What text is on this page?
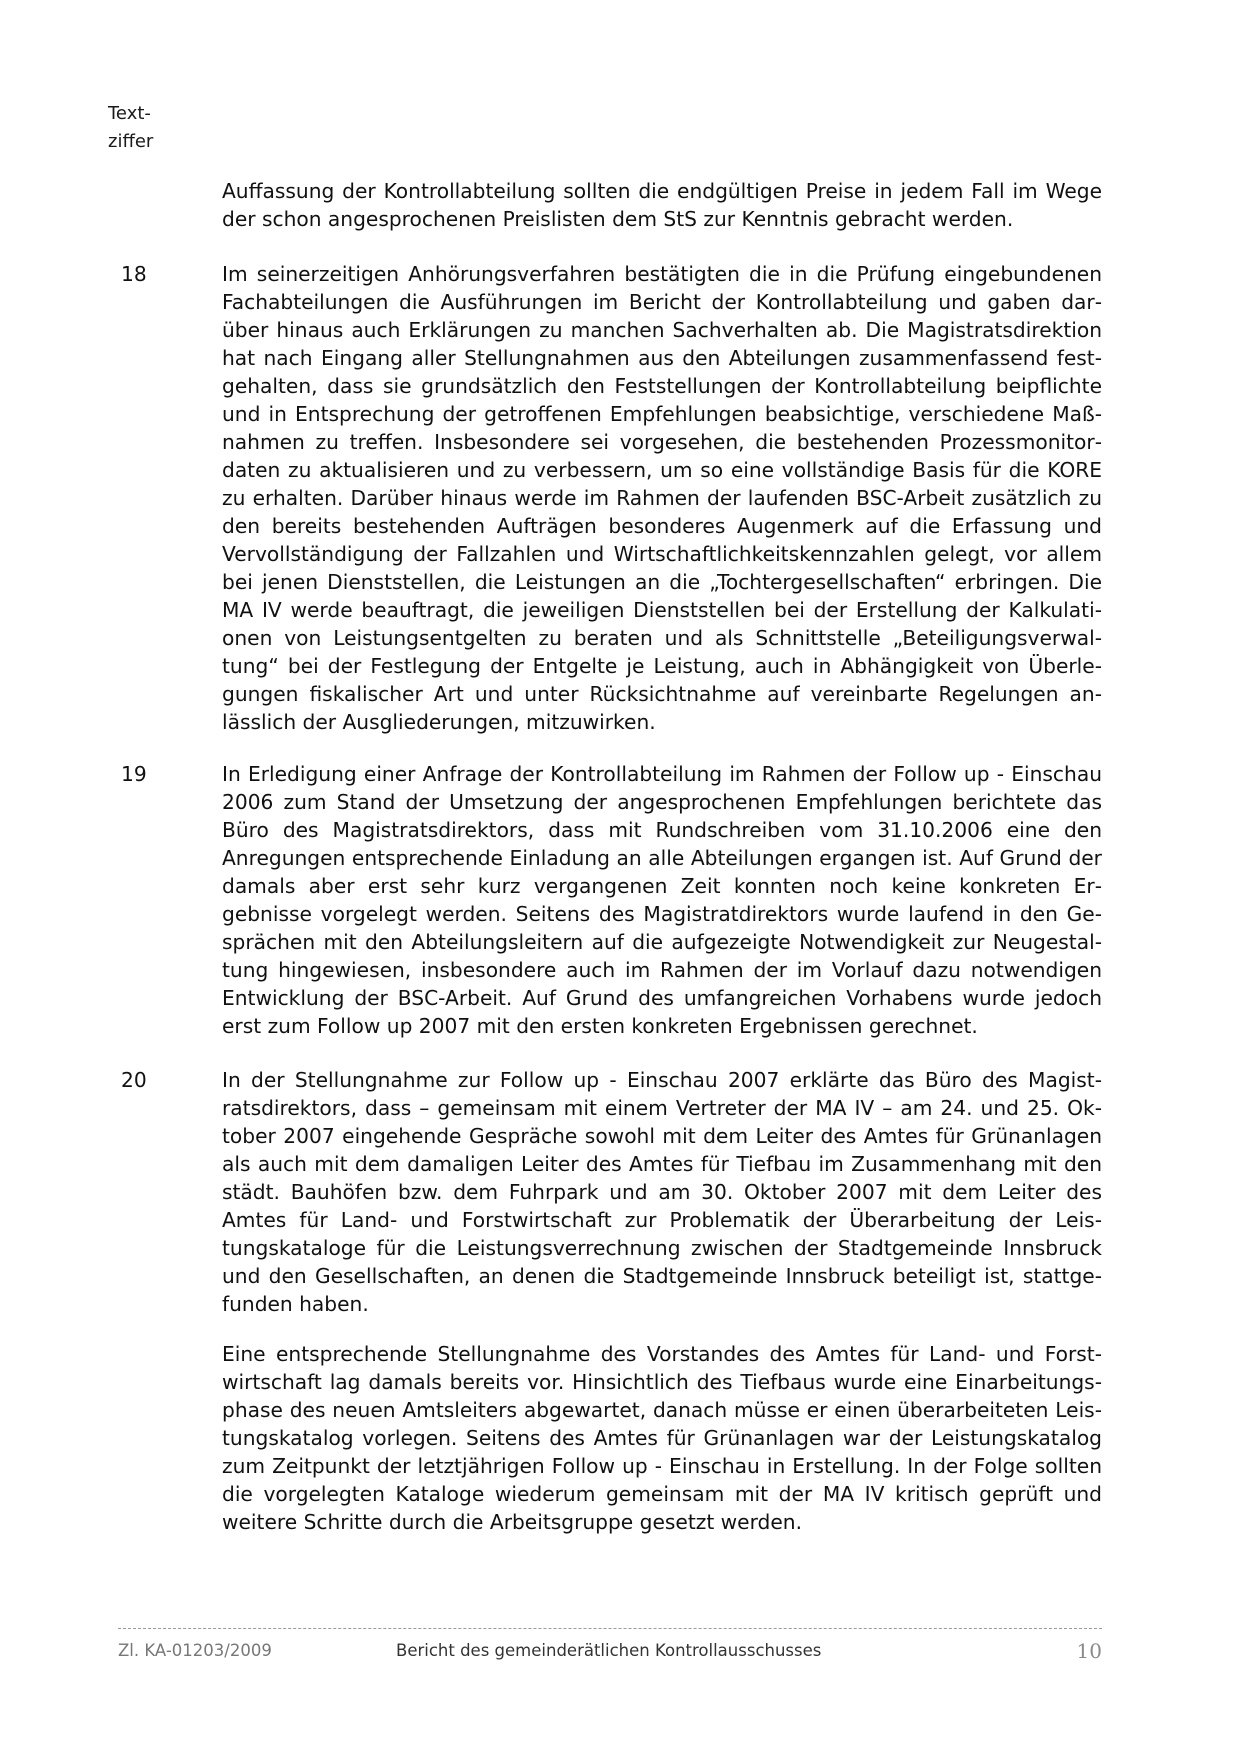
Text-
ziffer

Auffassung der Kontrollabteilung sollten die endgültigen Preise in jedem Fall im Wege der schon angesprochenen Preislisten dem StS zur Kenntnis gebracht werden.

18	Im seinerzeitigen Anhörungsverfahren bestätigten die in die Prüfung eingebundenen Fachabteilungen die Ausführungen im Bericht der Kontrollabteilung und gaben darüber hinaus auch Erklärungen zu manchen Sachverhalten ab. Die Magistratsdirektion hat nach Eingang aller Stellungnahmen aus den Abteilungen zusammenfassend festgehalten, dass sie grundsätzlich den Feststellungen der Kontrollabteilung beipflichte und in Entsprechung der getroffenen Empfehlungen beabsichtige, verschiedene Maßnahmen zu treffen. Insbesondere sei vorgesehen, die bestehenden Prozessmonitordaten zu aktualisieren und zu verbessern, um so eine vollständige Basis für die KORE zu erhalten. Darüber hinaus werde im Rahmen der laufenden BSC-Arbeit zusätzlich zu den bereits bestehenden Aufträgen besonderes Augenmerk auf die Erfassung und Vervollständigung der Fallzahlen und Wirtschaftlichkeitskennzahlen gelegt, vor allem bei jenen Dienststellen, die Leistungen an die „Tochtergesellschaften“ erbringen. Die MA IV werde beauftragt, die jeweiligen Dienststellen bei der Erstellung der Kalkulationen von Leistungsentgelten zu beraten und als Schnittstelle „Beteiligungsverwaltung“ bei der Festlegung der Entgelte je Leistung, auch in Abhängigkeit von Überlegungen fiskalischer Art und unter Rücksichtnahme auf vereinbarte Regelungen anlässlich der Ausgliederungen, mitzuwirken.

19	In Erledigung einer Anfrage der Kontrollabteilung im Rahmen der Follow up - Einschau 2006 zum Stand der Umsetzung der angesprochenen Empfehlungen berichtete das Büro des Magistratsdirektors, dass mit Rundschreiben vom 31.10.2006 eine den Anregungen entsprechende Einladung an alle Abteilungen ergangen ist. Auf Grund der damals aber erst sehr kurz vergangenen Zeit konnten noch keine konkreten Ergebnisse vorgelegt werden. Seitens des Magistratdirektors wurde laufend in den Gesprächen mit den Abteilungsleitern auf die aufgezeigte Notwendigkeit zur Neugestaltung hingewiesen, insbesondere auch im Rahmen der im Vorlauf dazu notwendigen Entwicklung der BSC-Arbeit. Auf Grund des umfangreichen Vorhabens wurde jedoch erst zum Follow up 2007 mit den ersten konkreten Ergebnissen gerechnet.

20	In der Stellungnahme zur Follow up - Einschau 2007 erklärte das Büro des Magistratsdirektors, dass – gemeinsam mit einem Vertreter der MA IV – am 24. und 25. Oktober 2007 eingehende Gespräche sowohl mit dem Leiter des Amtes für Grünanlagen als auch mit dem damaligen Leiter des Amtes für Tiefbau im Zusammenhang mit den städt. Bauhöfen bzw. dem Fuhrpark und am 30. Oktober 2007 mit dem Leiter des Amtes für Land- und Forstwirtschaft zur Problematik der Überarbeitung der Leistungskataloge für die Leistungsverrechnung zwischen der Stadtgemeinde Innsbruck und den Gesellschaften, an denen die Stadtgemeinde Innsbruck beteiligt ist, stattgefunden haben.

Eine entsprechende Stellungnahme des Vorstandes des Amtes für Land- und Forstwirtschaft lag damals bereits vor. Hinsichtlich des Tiefbaus wurde eine Einarbeitungsphase des neuen Amtsleiters abgewartet, danach müsse er einen überarbeiteten Leistungskatalog vorlegen. Seitens des Amtes für Grünanlagen war der Leistungskatalog zum Zeitpunkt der letztjährigen Follow up - Einschau in Erstellung. In der Folge sollten die vorgelegten Kataloge wiederum gemeinsam mit der MA IV kritisch geprüft und weitere Schritte durch die Arbeitsgruppe gesetzt werden.

Zl. KA-01203/2009	Bericht des gemeinderätlichen Kontrollausschusses	10
